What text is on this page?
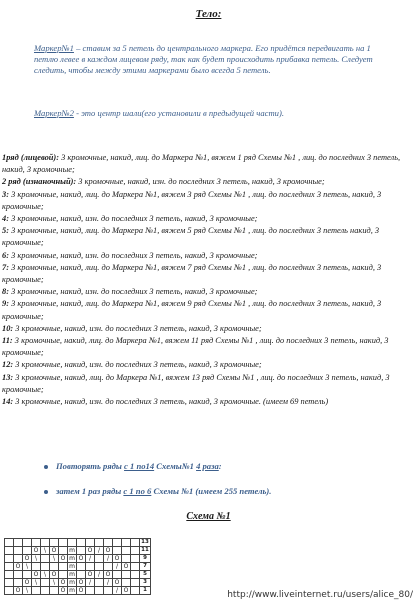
Тело:
Маркер№1 – ставим за 5 петель до центрального маркера. Его придётся передвигать на 1 петлю левее в каждом лицевом ряду, так как будет происходить прибавка петель. Следует следить, чтобы между этими маркерами было всегда 5 петель.
Маркер№2 - это центр шали(его установили в предыдущей части).
1ряд (лицевой): 3 кромочные, накид, лиц. до Маркера №1, вяжем 1 ряд Схемы №1 , лиц. до последних 3 петель, накид, 3 кромочные;
2 ряд (изнаночный): 3 кромочные, накид, изн. до последних 3 петель, накид, 3 кромочные;
3: 3 кромочные, накид, лиц. до Маркера №1, вяжем 3 ряд Схемы №1 , лиц. до последних 3 петель, накид, 3 кромочные;
4: 3 кромочные, накид, изн. до последних 3 петель, накид, 3 кромочные;
5: 3 кромочные, накид, лиц. до Маркера №1, вяжем 5 ряд Схемы №1 , лиц. до последних 3 петель накид, 3 кромочные;
6: 3 кромочные, накид, изн. до последних 3 петель, накид, 3 кромочные;
7: 3 кромочные, накид, лиц. до Маркера №1, вяжем 7 ряд Схемы №1 , лиц. до последних 3 петель, накид, 3 кромочные;
8: 3 кромочные, накид, изн. до последних 3 петель, накид, 3 кромочные;
9: 3 кромочные, накид, лиц. до Маркера №1, вяжем 9 ряд Схемы №1 , лиц. до последних 3 петель, накид, 3 кромочные;
10: 3 кромочные, накид, изн. до последних 3 петель, накид, 3 кромочные;
11: 3 кромочные, накид, лиц. до Маркера №1, вяжем 11 ряд Схемы №1 , лиц. до последних 3 петель, накид, 3 кромочные;
12: 3 кромочные, накид, изн. до последних 3 петель, накид, 3 кромочные;
13: 3 кромочные, накид, лиц. до Маркера №1, вяжем 13 ряд Схемы №1 , лиц. до последних 3 петель, накид, 3 кромочные;
14: 3 кромочные, накид, изн. до последних 3 петель, накид, 3 кромочные. (имеем 69 петель)
Повторять ряды с 1 по14 Схемы№1 4 раза:
затем 1 раз ряды с 1 по 6 Схемы №1 (имеем 255 петель).
Схема №1
															13
			O	\	O		m		O	/	O				11
		O	\		\	O	m	O	/		/	O			9
	O	\					m					/	O		7
			O	\	O		m		O	/	O				5
		O	\		\	O	m	O	/		/	O			3
	O	\				O	m	O				/	O		1	http://www.liveinternet.ru/users/alice_80/
